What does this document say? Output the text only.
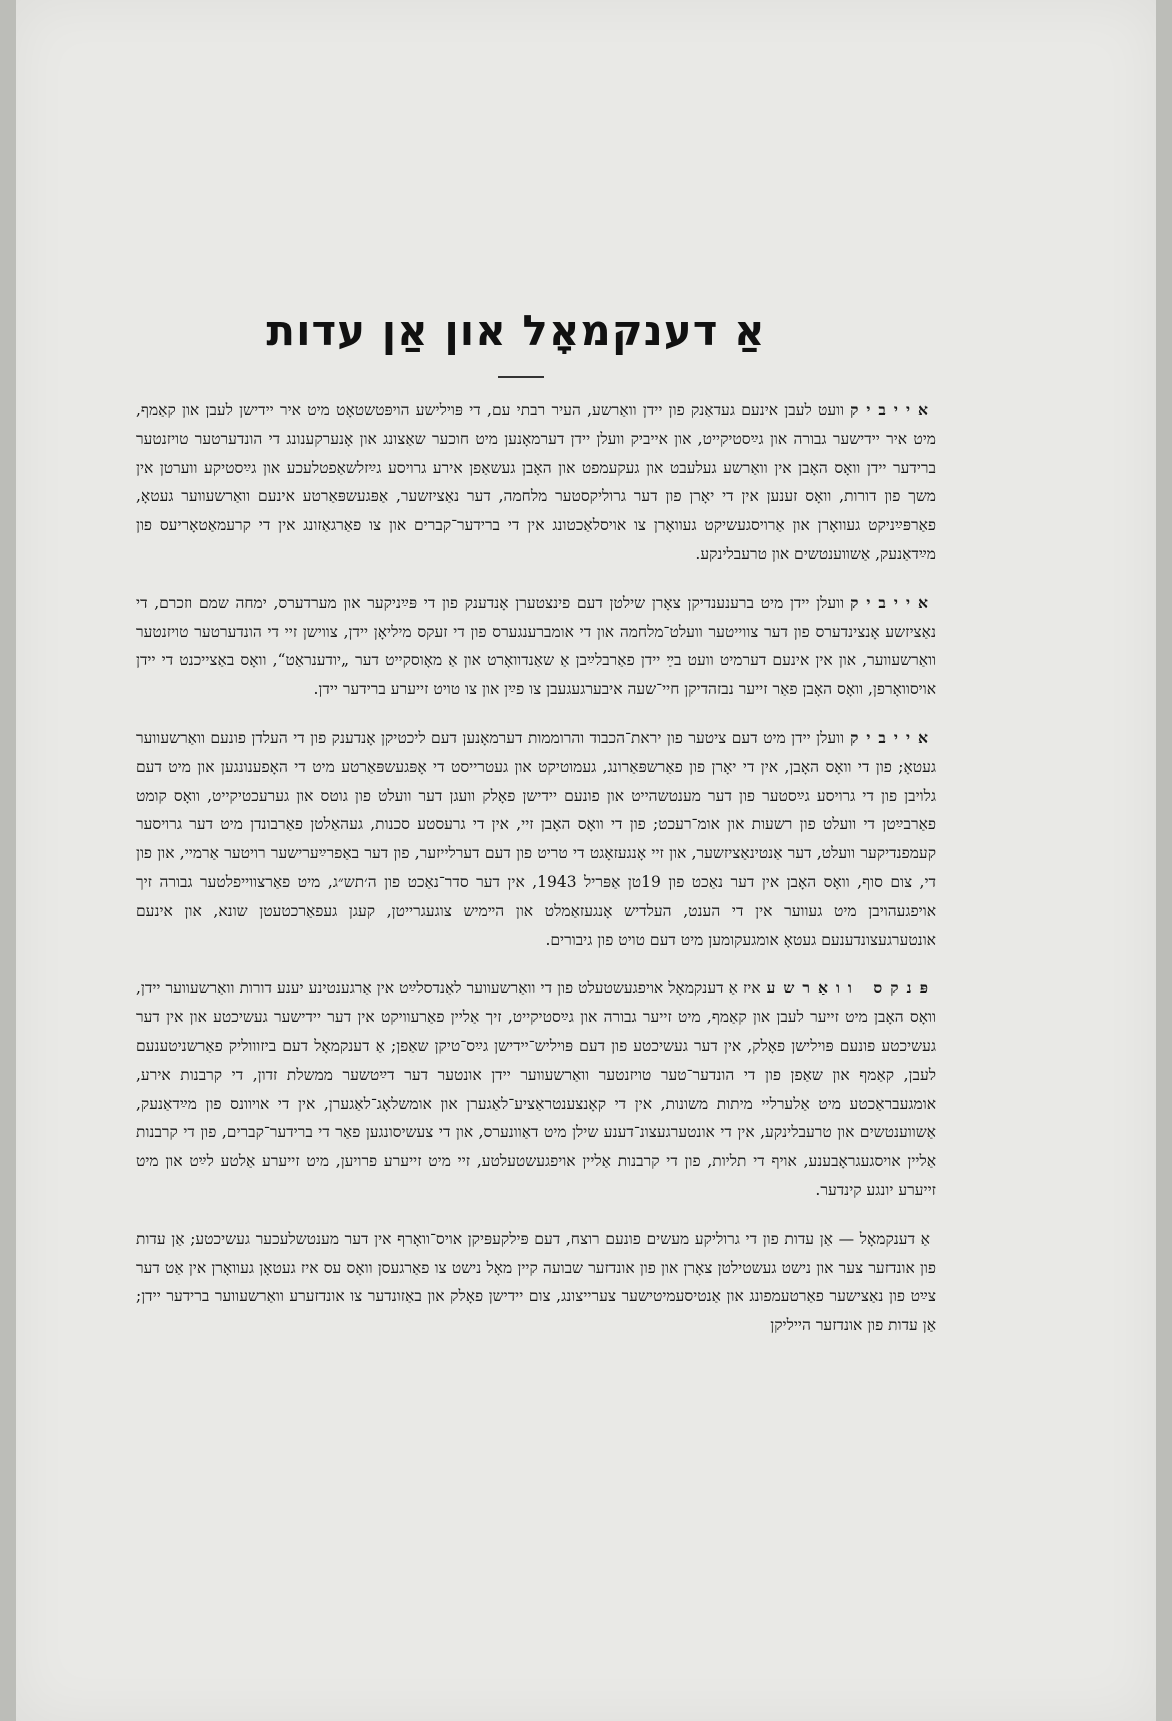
אַ דענקמאָל און אַן עדות

אייביקוועט לעבן אינעם געדאַנק פון יידן וואַרשע, העיר רבתי עם, די פּוילישע הויפּטשטאָט מיט איר יידישן לעבן און קאַמף, מיט איר יידישער גבורה און גײַסטיקייט, און אייביק וועלן יידן דערמאָנען מיט חוכער שאַצונג און אָנערקענונג די הונדערטער טויזנטער ברידער יידן וואָס האָבן אין וואַרשע געלעבט און געקעמפט און האָבן געשאַפן אירע גרויסע גײַזלשאַפטלעכע און גײַסטיקע ווערטן אין משך פון דורות, וואָס זענען אין די יאָרן פון דער גרוליקסטער מלחמה, דער נאַציזשער, אַפּגעשפּאַרטע אינעם וואַרשעווער געטאָ, פאַרפּײַניקט געוואָרן און אַרויסגעשיקט געוואָרן צו אויסלאַכטונג אין די ברידער־קברים און צו פאַרגאַזונג אין די קרעמאַטאָריעס פון מײַדאַנעק, אַשווענטשים און טרעבלינקע.

אייביקוועלן יידן מיט ברענענדיקן צאָרן שילטן דעם פינצטערן אָנדענק פון די פּײַניקער און מערדערס, ימחה שמם וזכרם, די נאַציזשע אָנצינדערס פון דער צווייטער וועלט־מלחמה און די אומברענגערס פון די זעקס מיליאָן יידן, צווישן זיי די הונדערטער טויזנטער וואַרשעווער, און אין אינעם דערמיט וועט בײַ יידן פאַרבלײַבן אַ שאַנדוואָרט און אַ מאָוסקייט דער „יודענראַט“, וואָס באַצייכנט די יידן אויסוואָרפן, וואָס האָבן פאַר זייער נבזהדיקן חיי־שעה איבערגעגעבן צו פײַן און צו טויט זייערע ברידער יידן.

אייביקוועלן יידן מיט דעם ציטער פון יראת־הכבוד והרוממות דערמאָנען דעם ליכטיקן אָנדענק פון די העלדן פונעם וואַרשעווער געטאָ; פון די וואָס האָבן, אין די יאָרן פון פאַרשפּאַרונג, געמוטיקט און געטרייסט די אָפּגעשפּאַרטע מיט די האָפענונגען און מיט דעם גלויבן פון די גרויסע גײַסטער פון דער מענטשהייט און פונעם יידישן פאָלק וועגן דער וועלט פון גוטס און גערעכטיקייט, וואָס קומט פאַרבײַטן די וועלט פון רשעות און אומ־רעכט; פון די וואָס האָבן זיי, אין די גרעסטע סכנות, געהאַלטן פאַרבונדן מיט דער גרויסער קעמפנדיקער וועלט, דער אַנטינאַציזשער, און זיי אָנגעזאָגט די טריט פון דעם דערלייזער, פון דער באַפרײַערישער רויטער אַרמיי, און פון די, צום סוף, וואָס האָבן אין דער נאַכט פון 19טן אַפּריל 1943, אין דער סדר־נאַכט פון ה׳תש״ג, מיט פאַרצווייפלטער גבורה זיך אויפגעהויבן מיט געווער אין די הענט, העלדיש אָנגעזאַמלט און הײמיש צוגעגרייטן, קעגן געפאַרכטעטן שונא, און אינעם אונטערגעצונדענעם געטאָ אומגעקומען מיט דעם טויט פון גיבורים.

פּנקס וואַרשעאיז אַ דענקמאָל אויפגעשטעלט פון די וואַרשעווער לאַנדסלײַט אין אַרגענטינע יענע דורות וואַרשעווער יידן, וואָס האָבן מיט זייער לעבן און קאַמף, מיט זייער גבורה און גײַסטיקייט, זיך אַליין פאַרעוויקט אין דער יידישער געשיכטע און אין דער געשיכטע פונעם פּוילישן פאָלק, אין דער געשיכטע פון דעם פּויליש־יידישן גײַס־טיקן שאַפן; אַ דענקמאָל דעם ביזוווליק פאַרשניטענעם לעבן, קאַמף און שאַפן פון די הונדער־טער טויזנטער וואַרשעווער יידן אונטער דער דײַטשער ממשלת זדון, די קרבנות אירע, אומגעבראַכטע מיט אַלערליי מיתות משונות, אין די קאָנצענטראַציע־לאַגערן און אומשלאָג־לאַגערן, אין די אויוונס פון מײַדאַנעק, אַשווענטשים און טרעבלינקע, אין די אונטערגעצונ־דענע שילן מיט דאַוונערס, און די צעשיסונגען פאַר די ברידער־קברים, פון די קרבנות אַליין אויסגעגראָבענע, אויף די תליות, פון די קרבנות אַליין אויפגעשטעלטע, זיי מיט זייערע פרויען, מיט זייערע אַלטע לײַט און מיט זייערע יונגע קינדער.

אַ דענקמאָל — אַן עדות פון די גרוליקע מעשים פונעם רוצח, דעם פּילקעפּיקן אויס־וואָרף אין דער מענטשלעכער געשיכטע; אַן עדות פון אונדזער צער און נישט געשטילטן צאָרן און פון אונדזער שבועה קיין מאָל נישט צו פאַרגעסן וואָס עס איז געטאָן געוואָרן אין אַט דער צײַט פון נאַצישער פאַרטעמפונג און אַנטיסעמיטישער צערייצונג, צום יידישן פאָלק און באַזונדער צו אונדזערע וואַרשעווער ברידער יידן; אַן עדות פון אונדזער הייליקן
